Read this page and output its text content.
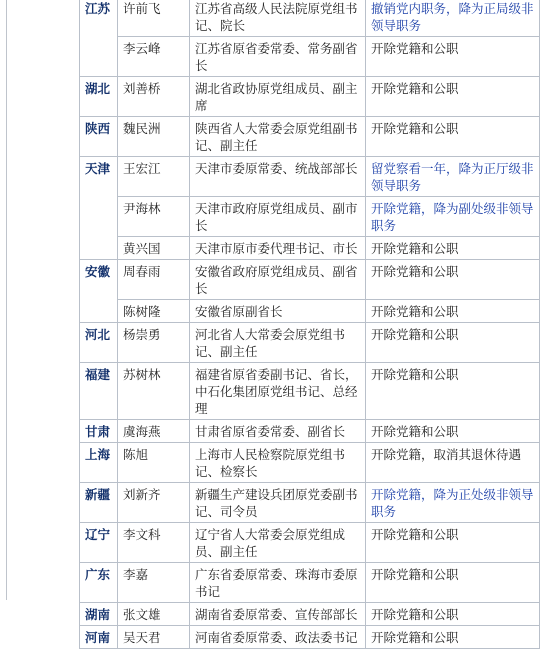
江苏	许前飞	江苏省高级人民法院原党组书记、院长	撤销党内职务，降为正局级非领导职务
	李云峰	江苏省原省委常委、常务副省长	开除党籍和公职
湖北	刘善桥	湖北省政协原党组成员、副主席	开除党籍和公职
陕西	魏民洲	陕西省人大常委会原党组副书记、副主任	开除党籍和公职
天津	王宏江	天津市委原常委、统战部部长	留党察看一年，降为正厅级非领导职务
	尹海林	天津市政府原党组成员、副市长	开除党籍，降为副处级非领导职务
	黄兴国	天津市原市委代理书记、市长	开除党籍和公职
安徽	周春雨	安徽省政府原党组成员、副省长	开除党籍和公职
	陈树隆	安徽省原副省长	开除党籍和公职
河北	杨崇勇	河北省人大常委会原党组书记、副主任	开除党籍和公职
福建	苏树林	福建省原省委副书记、省长，中石化集团原党组书记、总经理	开除党籍和公职
甘肃	虞海燕	甘肃省原省委常委、副省长	开除党籍和公职
上海	陈旭	上海市人民检察院原党组书记、检察长	开除党籍，取消其退休待遇
新疆	刘新齐	新疆生产建设兵团原党委副书记、司令员	开除党籍，降为正处级非领导职务
辽宁	李文科	辽宁省人大常委会原党组成员、副主任	开除党籍和公职
广东	李嘉	广东省委原常委、珠海市委原书记	开除党籍和公职
湖南	张文雄	湖南省委原常委、宣传部部长	开除党籍和公职
河南	吴天君	河南省委原常委、政法委书记	开除党籍和公职
